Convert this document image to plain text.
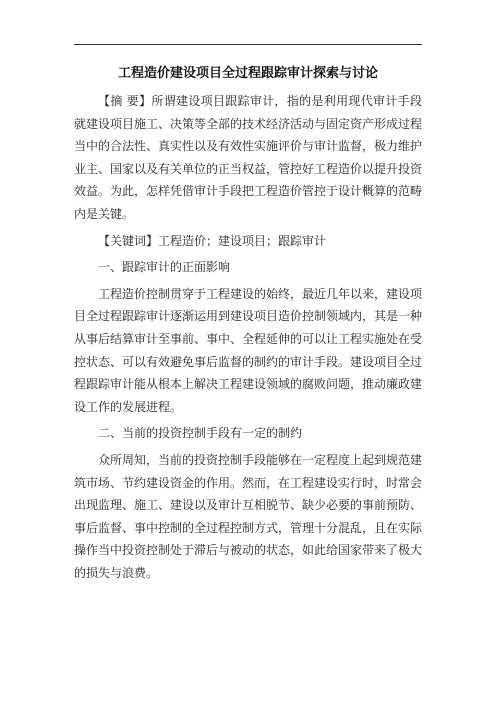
工程造价建设项目全过程跟踪审计探索与讨论

【摘 要】所谓建设项目跟踪审计，指的是利用现代审计手段就建设项目施工、决策等全部的技术经济活动与固定资产形成过程当中的合法性、真实性以及有效性实施评价与审计监督，极力维护业主、国家以及有关单位的正当权益，管控好工程造价以提升投资效益。为此，怎样凭借审计手段把工程造价管控于设计概算的范畴内是关键。

【关键词】工程造价；建设项目；跟踪审计

一、跟踪审计的正面影响

工程造价控制贯穿于工程建设的始终，最近几年以来，建设项目全过程跟踪审计逐渐运用到建设项目造价控制领域内，其是一种从事后结算审计至事前、事中、全程延伸的可以让工程实施处在受控状态、可以有效避免事后监督的制约的审计手段。建设项目全过程跟踪审计能从根本上解决工程建设领域的腐败问题，推动廉政建设工作的发展进程。

二、当前的投资控制手段有一定的制约

众所周知，当前的投资控制手段能够在一定程度上起到规范建筑市场、节约建设资金的作用。然而，在工程建设实行时，时常会出现监理、施工、建设以及审计互相脱节、缺少必要的事前预防、事后监督、事中控制的全过程控制方式，管理十分混乱，且在实际操作当中投资控制处于滞后与被动的状态，如此给国家带来了极大的损失与浪费。
